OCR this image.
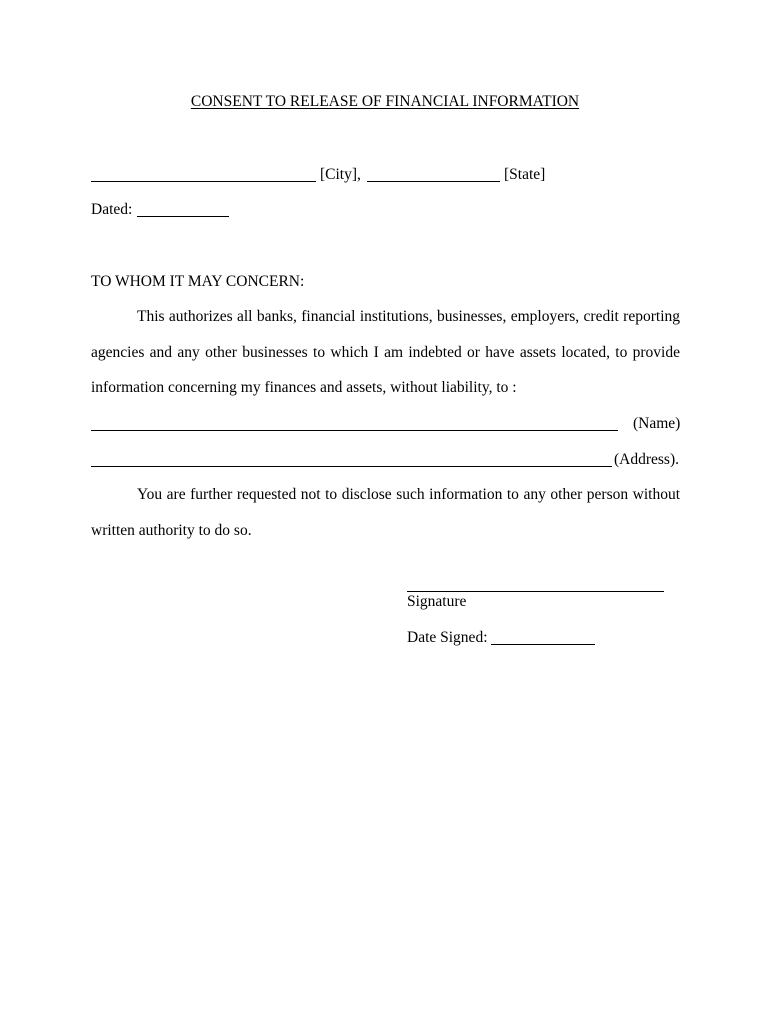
CONSENT TO RELEASE OF FINANCIAL INFORMATION
[City],	[State]
Dated:
TO WHOM IT MAY CONCERN:
This authorizes all banks, financial institutions, businesses, employers, credit reporting
agencies and any other businesses to which I am indebted or have assets located, to provide
information concerning my finances and assets, without liability, to :
(Name)
(Address).
You are further requested not to disclose such information to any other person without
written authority to do so.
Signature
Date Signed:
